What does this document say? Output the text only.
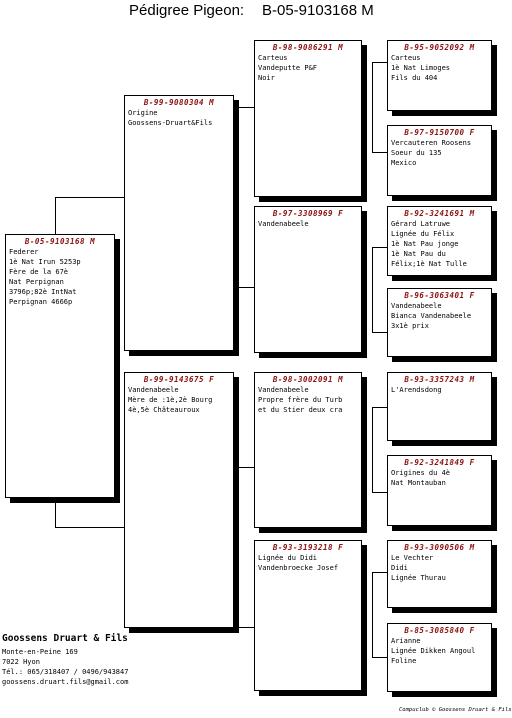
Pédigree Pigeon: B-05-9103168 M
B-05-9103168 M
Federer
1è Nat Irun 5253p
Fère de la 67è
Nat Perpignan
3796p;82è IntNat
Perpignan 4666p
B-99-9080304 M
Origine
Goossens-Druart&Fils
B-99-9143675 F
Vandenabeele
Mère de :1è,2è Bourg
4è,5è Châteauroux
B-98-9086291 M
Carteus
Vandeputte P&F
Noir
B-97-3308969 F
Vandenabeele
B-98-3002091 M
Vandenabeele
Propre frère du Turb
et du Stier deux cra
B-93-3193218 F
Lignée du Didi
Vandenbroecke Josef
B-95-9052092 M
Carteus
1è Nat Limoges
Fils du 404
B-97-9150700 F
Vercauteren Roosens
Soeur du 135
Mexico
B-92-3241691 M
Gérard Latruwe
Lignée du Félix
1è Nat Pau jonge
1è Nat Pau du
Félix;1è Nat Tulle
B-96-3063401 F
Vandenabeele
Bianca Vandenabeele
3x1è prix
B-93-3357243 M
L'Arendsdong
B-92-3241849 F
Origines du 4è
Nat Montauban
B-93-3090506 M
Le Vechter
Didi
Lignée Thurau
B-85-3085840 F
Arianne
Lignée Dikken Angoul
Foline
Goossens Druart & Fils
Monte-en-Peine 169
7022 Hyon
Tél.: 065/318407 / 0496/943847
goossens.druart.fils@gmail.com
Compuclub © Goossens Druart & Fils
